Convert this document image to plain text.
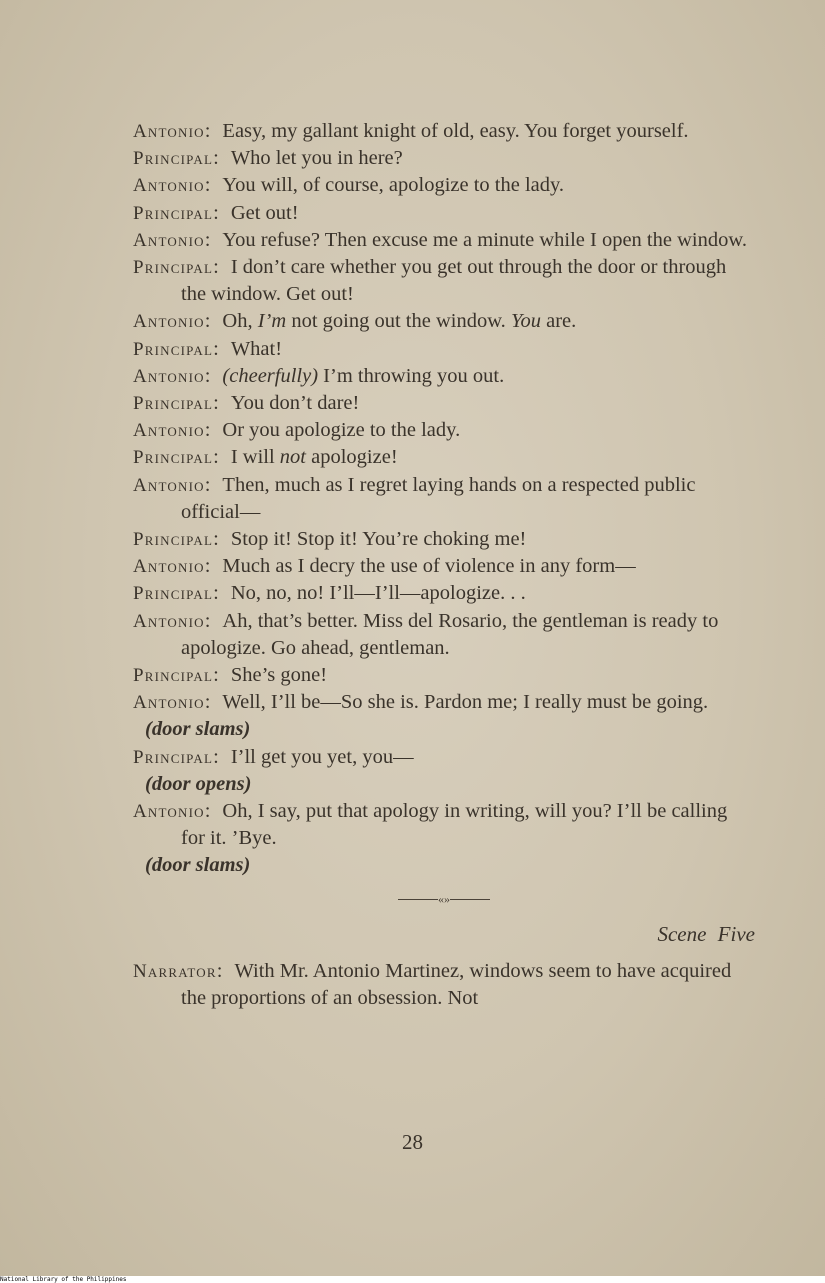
Antonio: Easy, my gallant knight of old, easy. You forget yourself.

Principal: Who let you in here?

Antonio: You will, of course, apologize to the lady.

Principal: Get out!

Antonio: You refuse? Then excuse me a minute while I open the window.

Principal: I don’t care whether you get out through the door or through the window. Get out!

Antonio: Oh, I’m not going out the window. You are.

Principal: What!

Antonio: (cheerfully) I’m throwing you out.

Principal: You don’t dare!

Antonio: Or you apologize to the lady.

Principal: I will not apologize!

Antonio: Then, much as I regret laying hands on a respected public official—

Principal: Stop it! Stop it! You’re choking me!

Antonio: Much as I decry the use of violence in any form—

Principal: No, no, no! I’ll—I’ll—apologize. . .

Antonio: Ah, that’s better. Miss del Rosario, the gentleman is ready to apologize. Go ahead, gentleman.

Principal: She’s gone!

Antonio: Well, I’ll be—So she is. Pardon me; I really must be going.

(door slams)

Principal: I’ll get you yet, you—

(door opens)

Antonio: Oh, I say, put that apology in writing, will you? I’ll be calling for it. ’Bye.

(door slams)

«»
Scene Five

Narrator: With Mr. Antonio Martinez, windows seem to have acquired the proportions of an obsession. Not

28
National Library of the Philippines
